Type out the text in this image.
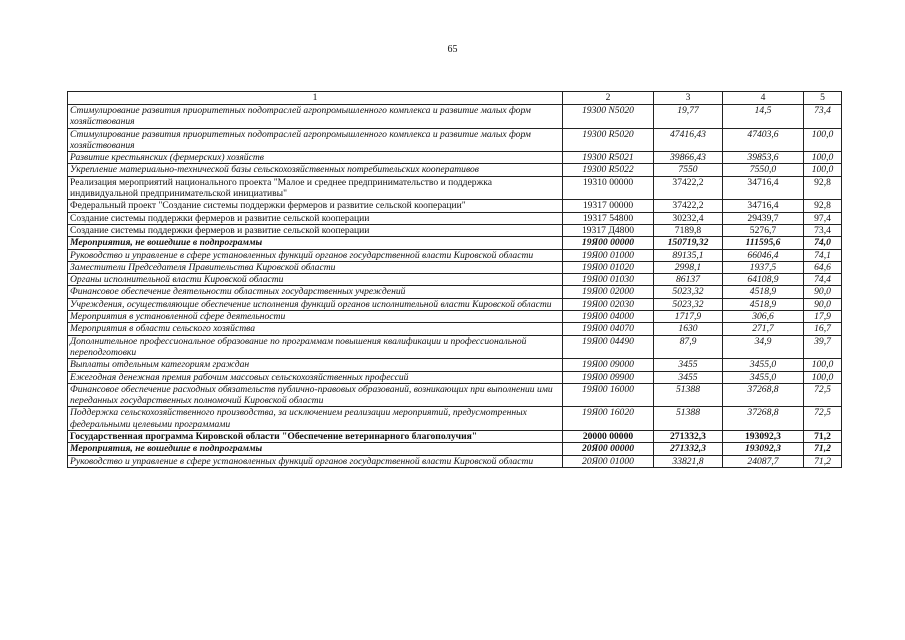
65
1	2	3	4	5
Стимулирование развития приоритетных подотраслей агропромышленного комплекса и развитие малых форм хозяйствования	19300 N5020	19,77	14,5	73,4
Стимулирование развития приоритетных подотраслей агропромышленного комплекса и развитие малых форм хозяйствования	19300 R5020	47416,43	47403,6	100,0
Развитие крестьянских (фермерских) хозяйств	19300 R5021	39866,43	39853,6	100,0
Укрепление материально-технической базы сельскохозяйственных потребительских кооперативов	19300 R5022	7550	7550,0	100,0
Реализация мероприятий национального проекта "Малое и среднее предпринимательство и поддержка индивидуальной предпринимательской инициативы"	19310 00000	37422,2	34716,4	92,8
Федеральный проект "Создание системы поддержки фермеров и развитие сельской кооперации"	19317 00000	37422,2	34716,4	92,8
Создание системы поддержки фермеров и развитие сельской кооперации	19317 54800	30232,4	29439,7	97,4
Создание системы поддержки фермеров и развитие сельской кооперации	19317 Д4800	7189,8	5276,7	73,4
Мероприятия, не вошедшие в подпрограммы	19Я00 00000	150719,32	111595,6	74,0
Руководство и управление в сфере установленных функций органов государственной власти Кировской области	19Я00 01000	89135,1	66046,4	74,1
Заместители Председателя Правительства Кировской области	19Я00 01020	2998,1	1937,5	64,6
Органы исполнительной власти Кировской области	19Я00 01030	86137	64108,9	74,4
Финансовое обеспечение деятельности областных государственных учреждений	19Я00 02000	5023,32	4518,9	90,0
Учреждения, осуществляющие обеспечение исполнения функций органов исполнительной власти Кировской области	19Я00 02030	5023,32	4518,9	90,0
Мероприятия в установленной сфере деятельности	19Я00 04000	1717,9	306,6	17,9
Мероприятия в области сельского хозяйства	19Я00 04070	1630	271,7	16,7
Дополнительное профессиональное образование по программам повышения квалификации и профессиональной переподготовки	19Я00 04490	87,9	34,9	39,7
Выплаты отдельным категориям граждан	19Я00 09000	3455	3455,0	100,0
Ежегодная денежная премия рабочим массовых сельскохозяйственных профессий	19Я00 09900	3455	3455,0	100,0
Финансовое обеспечение расходных обязательств публично-правовых образований, возникающих при выполнении ими переданных государственных полномочий Кировской области	19Я00 16000	51388	37268,8	72,5
Поддержка сельскохозяйственного производства, за исключением реализации мероприятий, предусмотренных федеральными целевыми программами	19Я00 16020	51388	37268,8	72,5
Государственная программа Кировской области "Обеспечение ветеринарного благополучия"	20000 00000	271332,3	193092,3	71,2
Мероприятия, не вошедшие в подпрограммы	20Я00 00000	271332,3	193092,3	71,2
Руководство и управление в сфере установленных функций органов государственной власти Кировской области	20Я00 01000	33821,8	24087,7	71,2
